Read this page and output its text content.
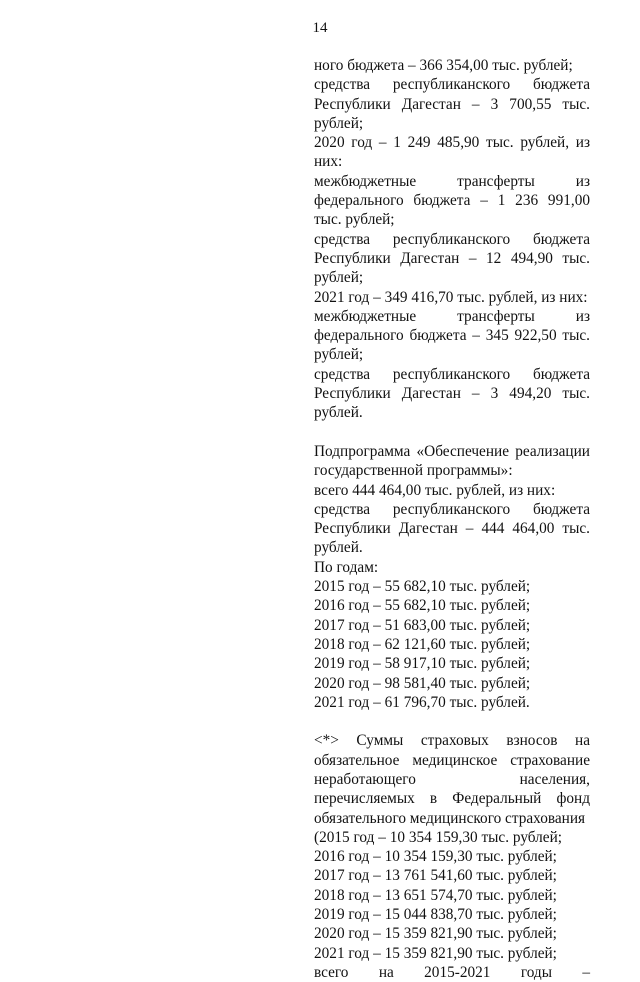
14

ного бюджета – 366 354,00 тыс. рублей;

средства республиканского бюджета Республики Дагестан – 3 700,55 тыс. рублей;

2020 год – 1 249 485,90 тыс. рублей, из них:

межбюджетные трансферты из федерального бюджета – 1 236 991,00 тыс. рублей;

средства республиканского бюджета Республики Дагестан – 12 494,90 тыс. рублей;

2021 год – 349 416,70 тыс. рублей, из них:

межбюджетные трансферты из федерального бюджета – 345 922,50 тыс. рублей;

средства республиканского бюджета Республики Дагестан – 3 494,20 тыс. рублей.

Подпрограмма «Обеспечение реализации государственной программы»:

всего 444 464,00 тыс. рублей, из них:

средства республиканского бюджета Республики Дагестан – 444 464,00 тыс. рублей.

По годам:

2015 год – 55 682,10 тыс. рублей;

2016 год – 55 682,10 тыс. рублей;

2017 год – 51 683,00 тыс. рублей;

2018 год – 62 121,60 тыс. рублей;

2019 год – 58 917,10 тыс. рублей;

2020 год – 98 581,40 тыс. рублей;

2021 год – 61 796,70 тыс. рублей.

<*> Суммы страховых взносов на обязательное медицинское страхование неработающего населения, перечисляемых в Федеральный фонд обязательного медицинского страхования

(2015 год – 10 354 159,30 тыс. рублей;

2016 год – 10 354 159,30 тыс. рублей;

2017 год – 13 761 541,60 тыс. рублей;

2018 год – 13 651 574,70 тыс. рублей;

2019 год – 15 044 838,70 тыс. рублей;

2020 год – 15 359 821,90 тыс. рублей;

2021 год – 15 359 821,90 тыс. рублей;

всего на 2015-2021 годы –
